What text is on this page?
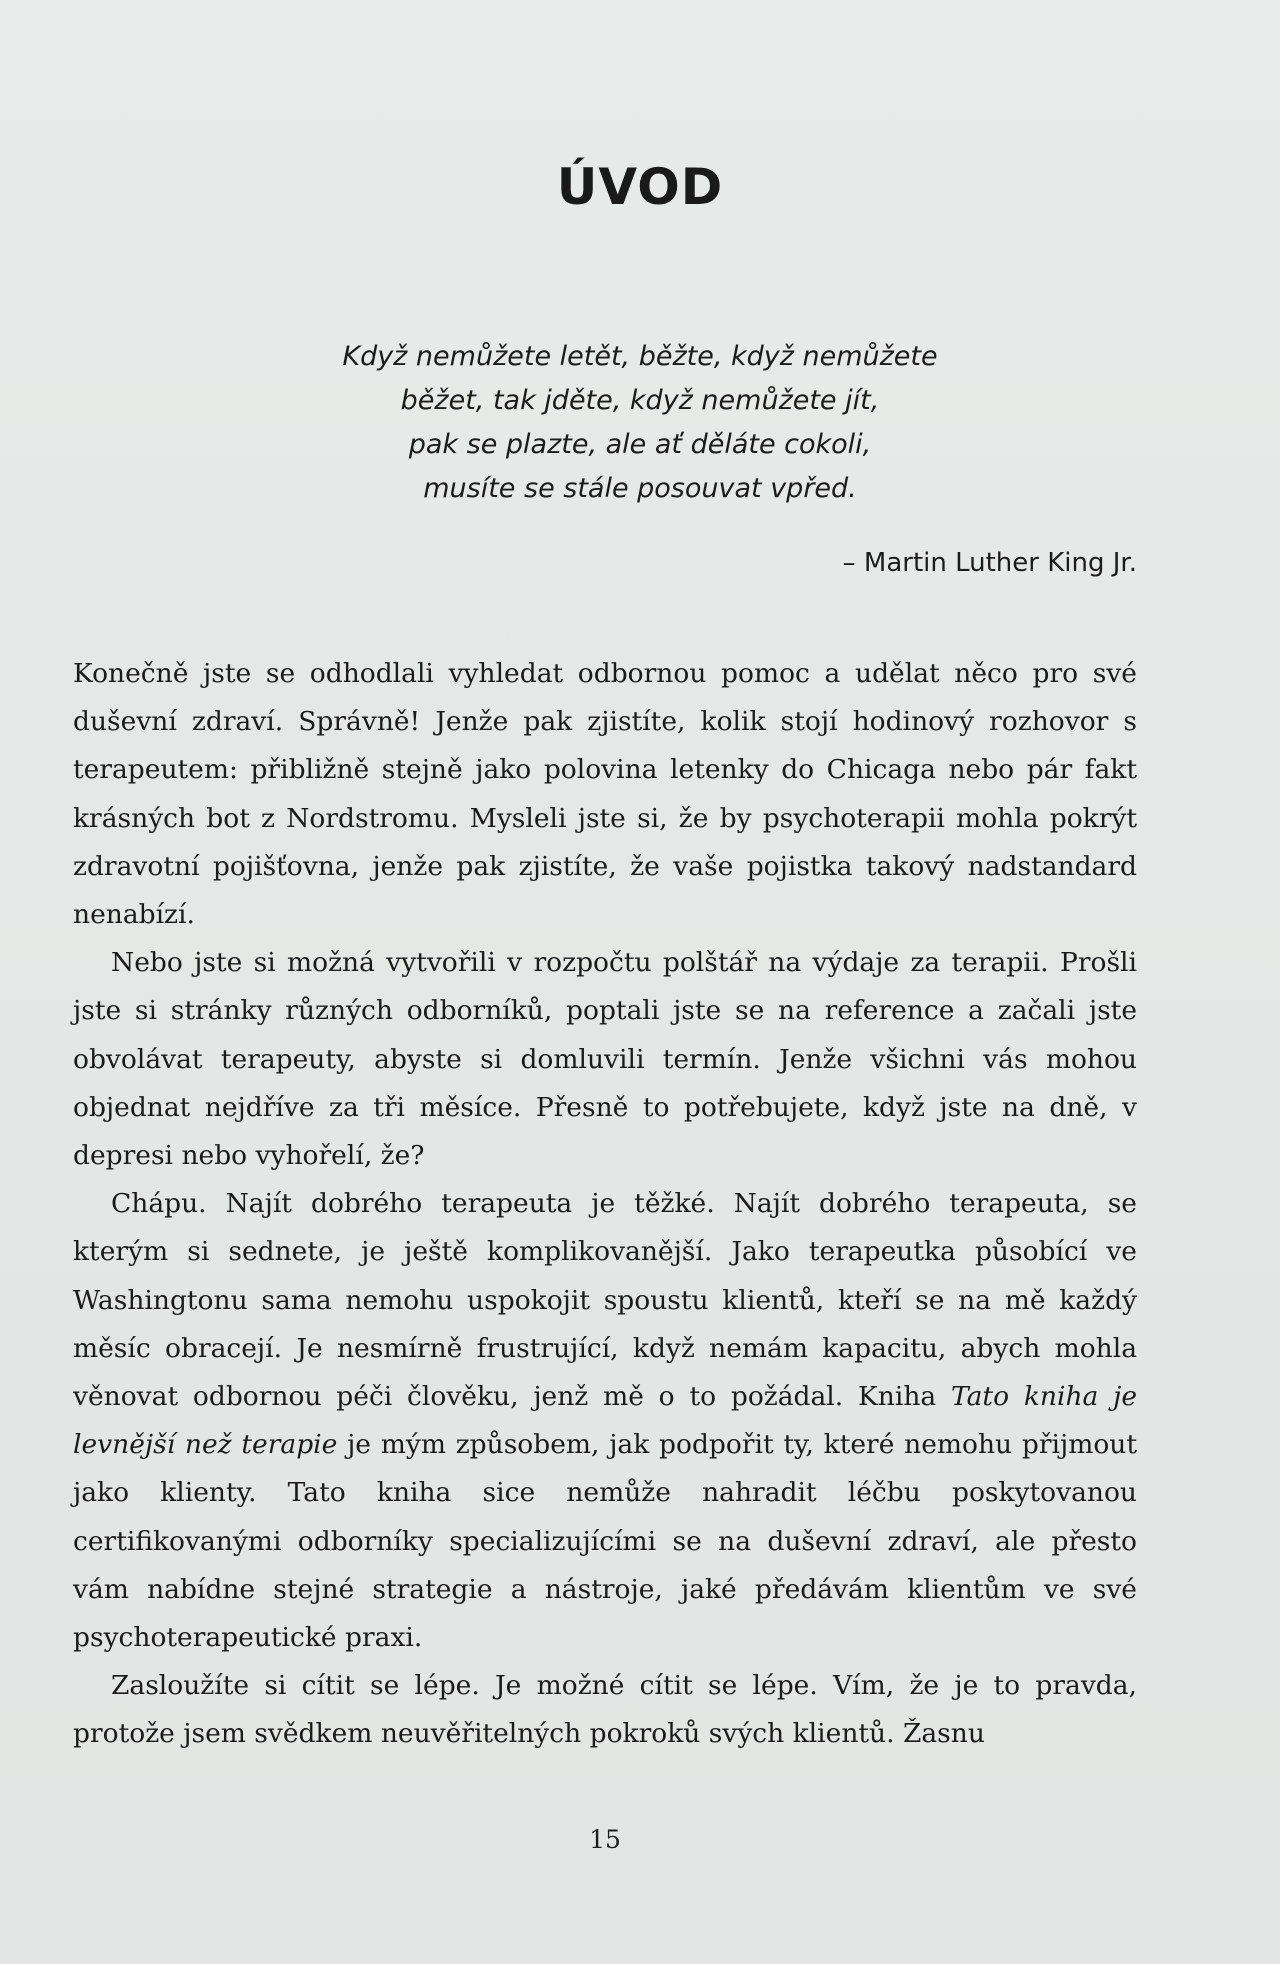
ÚVOD
Když nemůžete letět, běžte, když nemůžete
běžet, tak jděte, když nemůžete jít,
pak se plazte, ale ať děláte cokoli,
musíte se stále posouvat vpřed.
– Martin Luther King Jr.

Konečně jste se odhodlali vyhledat odbornou pomoc a udělat něco pro své duševní zdraví. Správně! Jenže pak zjistíte, kolik stojí hodinový rozhovor s terapeutem: přibližně stejně jako polovina letenky do Chicaga nebo pár fakt krásných bot z Nordstromu. Mysleli jste si, že by psychoterapii mohla pokrýt zdravotní pojišťovna, jenže pak zjistíte, že vaše pojistka takový nadstandard nenabízí.

Nebo jste si možná vytvořili v rozpočtu polštář na výdaje za terapii. Prošli jste si stránky různých odborníků, poptali jste se na reference a začali jste obvolávat terapeuty, abyste si domluvili termín. Jenže všichni vás mohou objednat nejdříve za tři měsíce. Přesně to potřebujete, když jste na dně, v depresi nebo vyhořelí, že?

Chápu. Najít dobrého terapeuta je těžké. Najít dobrého terapeuta, se kterým si sednete, je ještě komplikovanější. Jako terapeutka působící ve Washingtonu sama nemohu uspokojit spoustu klientů, kteří se na mě každý měsíc obracejí. Je nesmírně frustrující, když nemám kapacitu, abych mohla věnovat odbornou péči člověku, jenž mě o to požádal. Kniha Tato kniha je levnější než terapie je mým způsobem, jak podpořit ty, které nemohu přijmout jako klienty. Tato kniha sice nemůže nahradit léčbu poskytovanou certifikovanými odborníky specializujícími se na duševní zdraví, ale přesto vám nabídne stejné strategie a nástroje, jaké předávám klientům ve své psychoterapeutické praxi.

Zasloužíte si cítit se lépe. Je možné cítit se lépe. Vím, že je to pravda, protože jsem svědkem neuvěřitelných pokroků svých klientů. Žasnu

15
